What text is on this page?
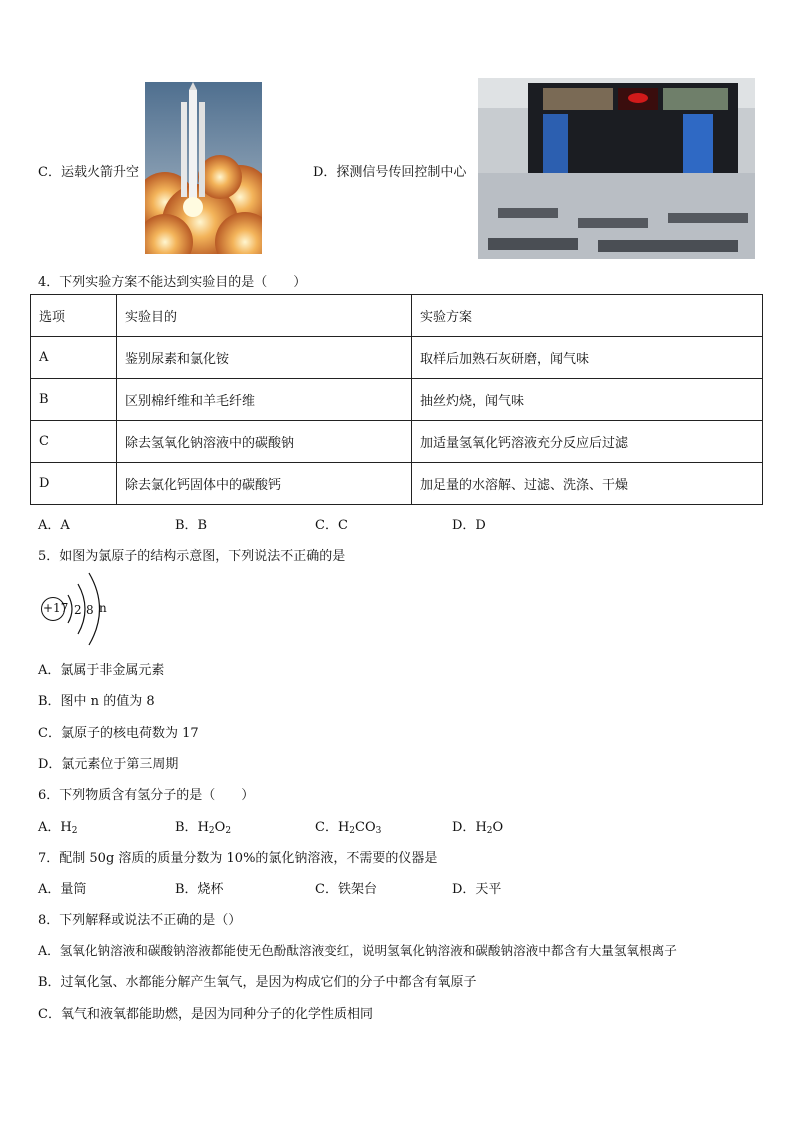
C．运载火箭升空	D．探测信号传回控制中心
4．下列实验方案不能达到实验目的是（　　）
选项	实验目的	实验方案
A	鉴别尿素和氯化铵	取样后加熟石灰研磨，闻气味
B	区别棉纤维和羊毛纤维	抽丝灼烧，闻气味
C	除去氢氧化钠溶液中的碳酸钠	加适量氢氧化钙溶液充分反应后过滤
D	除去氯化钙固体中的碳酸钙	加足量的水溶解、过滤、洗涤、干燥
A．A	B．B	C．C	D．D
5．如图为氯原子的结构示意图，下列说法不正确的是
+17 2 8 n
A．氯属于非金属元素
B．图中 n 的值为 8
C．氯原子的核电荷数为 17
D．氯元素位于第三周期
6．下列物质含有氢分子的是（　　）
A．$H_2$	B．$H_2O_2$	C．$H_2CO_3$	D．$H_2O$
7．配制 50g 溶质的质量分数为 10%的氯化钠溶液，不需要的仪器是
A．量筒	B．烧杯	C．铁架台	D．天平
8．下列解释或说法不正确的是（）
A．氢氧化钠溶液和碳酸钠溶液都能使无色酚酞溶液变红，说明氢氧化钠溶液和碳酸钠溶液中都含有大量氢氧根离子
B．过氧化氢、水都能分解产生氧气，是因为构成它们的分子中都含有氧原子
C．氧气和液氧都能助燃，是因为同种分子的化学性质相同
